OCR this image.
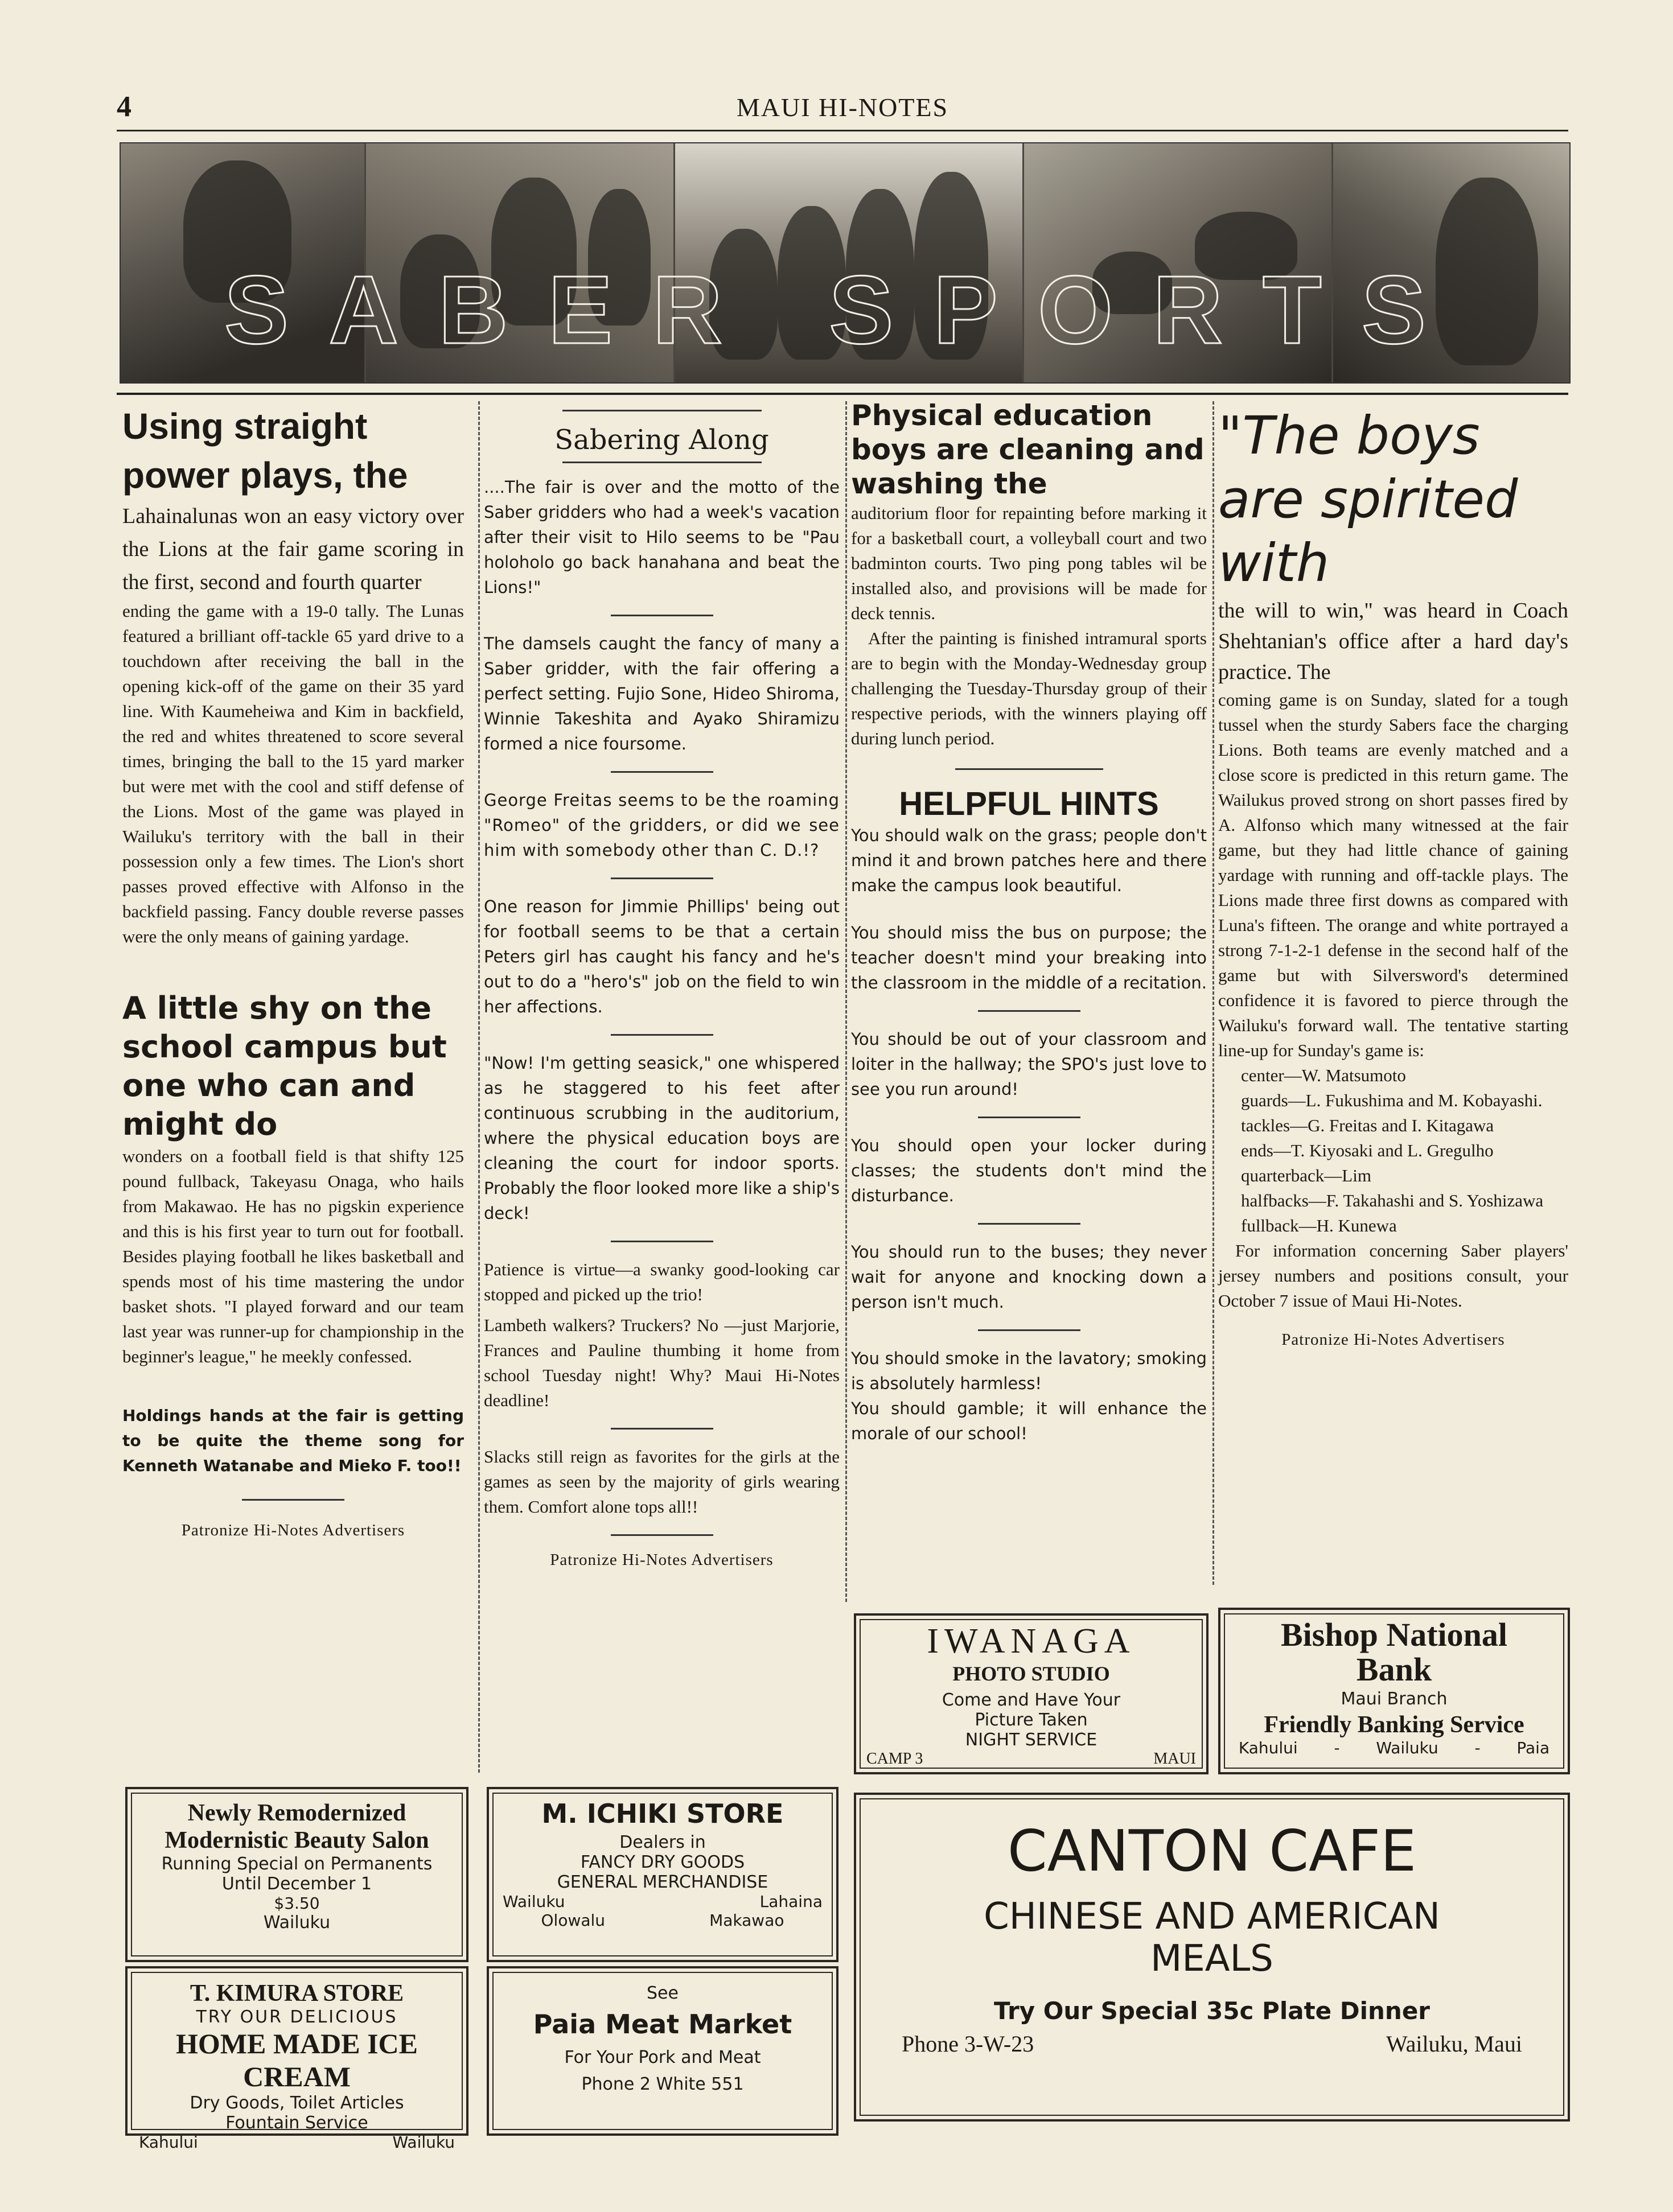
4	MAUI HI-NOTES
SABER SPORTS
Using straight power plays, the
Lahainalunas won an easy victory over the Lions at the fair game scoring in the first, second and fourth quarter
ending the game with a 19-0 tally. The Lunas featured a brilliant off-tackle 65 yard drive to a touchdown after receiving the ball in the opening kick-off of the game on their 35 yard line. With Kaumeheiwa and Kim in backfield, the red and whites threatened to score several times, bringing the ball to the 15 yard marker but were met with the cool and stiff defense of the Lions. Most of the game was played in Wailuku's territory with the ball in their possession only a few times. The Lion's short passes proved effective with Alfonso in the backfield passing. Fancy double reverse passes were the only means of gaining yardage.
A little shy on the school campus but one who can and might do
wonders on a football field is that shifty 125 pound fullback, Takeyasu Onaga, who hails from Makawao. He has no pigskin experience and this is his first year to turn out for football. Besides playing football he likes basketball and spends most of his time mastering the undor basket shots. "I played forward and our team last year was runner-up for championship in the beginner's league," he meekly confessed.
Holdings hands at the fair is getting to be quite the theme song for Kenneth Watanabe and Mieko F. too!!
Patronize Hi-Notes Advertisers
Sabering Along
....The fair is over and the motto of the Saber gridders who had a week's vacation after their visit to Hilo seems to be "Pau holoholo go back hanahana and beat the Lions!"
The damsels caught the fancy of many a Saber gridder, with the fair offering a perfect setting. Fujio Sone, Hideo Shiroma, Winnie Takeshita and Ayako Shiramizu formed a nice foursome.
George Freitas seems to be the roaming "Romeo" of the gridders, or did we see him with somebody other than C. D.!?
One reason for Jimmie Phillips' being out for football seems to be that a certain Peters girl has caught his fancy and he's out to do a "hero's" job on the field to win her affections.
"Now! I'm getting seasick," one whispered as he staggered to his feet after continuous scrubbing in the auditorium, where the physical education boys are cleaning the court for indoor sports. Probably the floor looked more like a ship's deck!
Patience is virtue—a swanky good-looking car stopped and picked up the trio!
Lambeth walkers? Truckers? No —just Marjorie, Frances and Pauline thumbing it home from school Tuesday night! Why? Maui Hi-Notes deadline!
Slacks still reign as favorites for the girls at the games as seen by the majority of girls wearing them. Comfort alone tops all!!
Patronize Hi-Notes Advertisers
Physical education boys are cleaning and washing the
auditorium floor for repainting before marking it for a basketball court, a volleyball court and two badminton courts. Two ping pong tables wil be installed also, and provisions will be made for deck tennis.
After the painting is finished intramural sports are to begin with the Monday-Wednesday group challenging the Tuesday-Thursday group of their respective periods, with the winners playing off during lunch period.
HELPFUL HINTS
You should walk on the grass; people don't mind it and brown patches here and there make the campus look beautiful.
You should miss the bus on purpose; the teacher doesn't mind your breaking into the classroom in the middle of a recitation.
You should be out of your classroom and loiter in the hallway; the SPO's just love to see you run around!
You should open your locker during classes; the students don't mind the disturbance.
You should run to the buses; they never wait for anyone and knocking down a person isn't much.
You should smoke in the lavatory; smoking is absolutely harmless!
You should gamble; it will enhance the morale of our school!
"The boys are spirited with
the will to win," was heard in Coach Shehtanian's office after a hard day's practice. The
coming game is on Sunday, slated for a tough tussel when the sturdy Sabers face the charging Lions. Both teams are evenly matched and a close score is predicted in this return game. The Wailukus proved strong on short passes fired by A. Alfonso which many witnessed at the fair game, but they had little chance of gaining yardage with running and off-tackle plays. The Lions made three first downs as compared with Luna's fifteen. The orange and white portrayed a strong 7-1-2-1 defense in the second half of the game but with Silversword's determined confidence it is favored to pierce through the Wailuku's forward wall. The tentative starting line-up for Sunday's game is:
center—W. Matsumoto
guards—L. Fukushima and M. Kobayashi.
tackles—G. Freitas and I. Kitagawa
ends—T. Kiyosaki and L. Gregulho
quarterback—Lim
halfbacks—F. Takahashi and S. Yoshizawa
fullback—H. Kunewa
For information concerning Saber players' jersey numbers and positions consult, your October 7 issue of Maui Hi-Notes.
Patronize Hi-Notes Advertisers
IWANAGA
PHOTO STUDIO
Come and Have Your
Picture Taken
NIGHT SERVICE
CAMP 3	MAUI
Bishop National
Bank
Maui Branch
Friendly Banking Service
Kahului - Wailuku - Paia
Newly Remodernized
Modernistic Beauty Salon
Running Special on Permanents
Until December 1
$3.50
Wailuku
M. ICHIKI STORE
Dealers in
FANCY DRY GOODS
GENERAL MERCHANDISE
Wailuku	Lahaina
Olowalu	Makawao
CANTON CAFE
CHINESE AND AMERICAN
MEALS
Try Our Special 35c Plate Dinner
Phone 3-W-23	Wailuku, Maui
T. KIMURA STORE
TRY OUR DELICIOUS
HOME MADE ICE CREAM
Dry Goods, Toilet Articles
Fountain Service
Kahului	Wailuku
See
Paia Meat Market
For Your Pork and Meat
Phone 2 White 551
